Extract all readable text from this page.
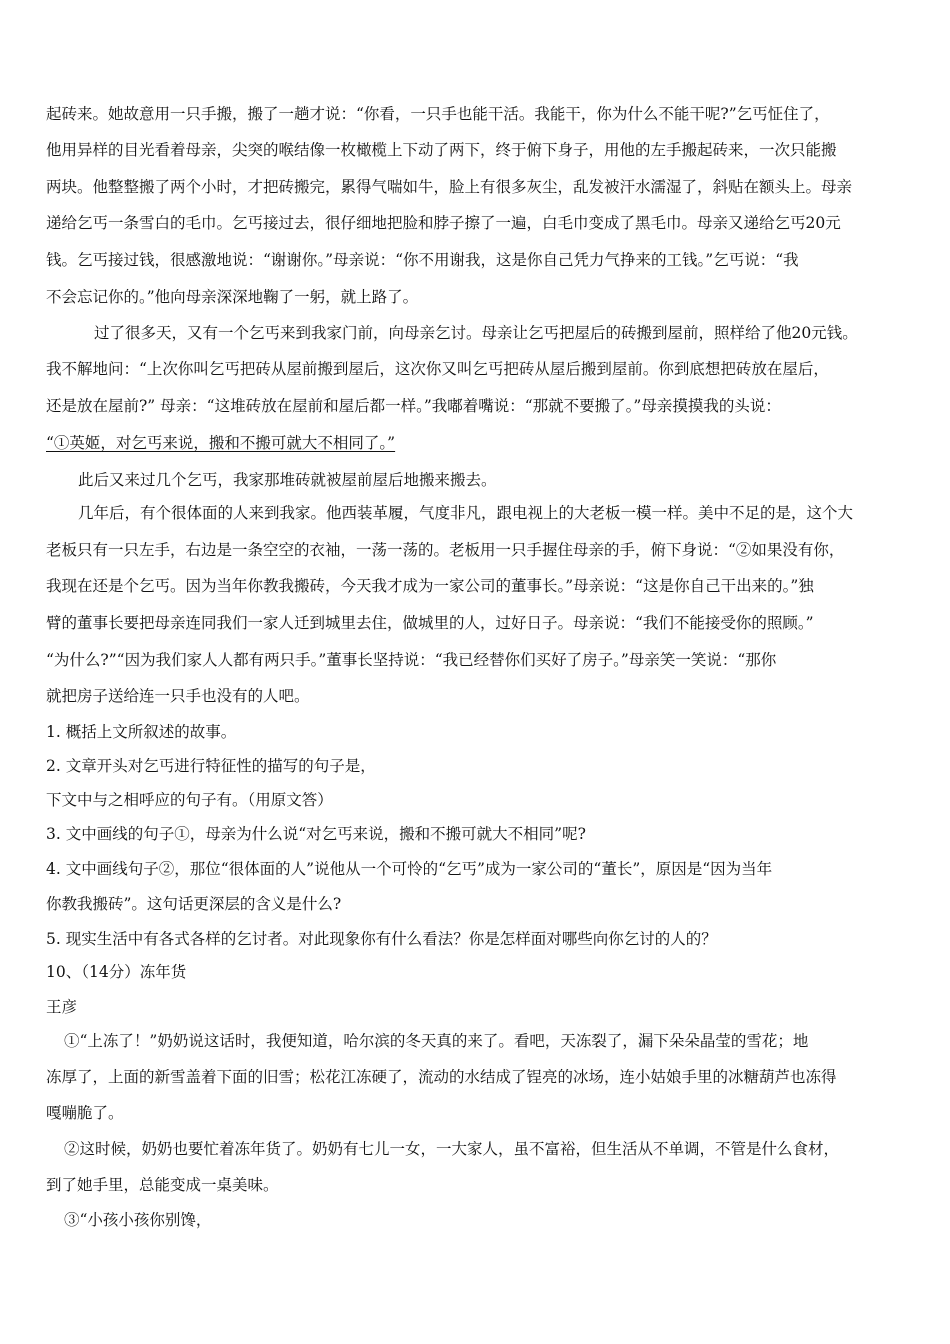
起砖来。她故意用一只手搬，搬了一趟才说：“你看，一只手也能干活。我能干，你为什么不能干呢?”乞丐怔住了，
他用异样的目光看着母亲，尖突的喉结像一枚橄榄上下动了两下，终于俯下身子，用他的左手搬起砖来，一次只能搬
两块。他整整搬了两个小时，才把砖搬完，累得气喘如牛，脸上有很多灰尘，乱发被汗水濡湿了，斜贴在额头上。母亲
递给乞丐一条雪白的毛巾。乞丐接过去，很仔细地把脸和脖子擦了一遍，白毛巾变成了黑毛巾。母亲又递给乞丐20元
钱。乞丐接过钱，很感激地说：“谢谢你。”母亲说：“你不用谢我，这是你自己凭力气挣来的工钱。”乞丐说：“我
不会忘记你的。”他向母亲深深地鞠了一躬，就上路了。
过了很多天，又有一个乞丐来到我家门前，向母亲乞讨。母亲让乞丐把屋后的砖搬到屋前，照样给了他20元钱。
我不解地问：“上次你叫乞丐把砖从屋前搬到屋后，这次你又叫乞丐把砖从屋后搬到屋前。你到底想把砖放在屋后，
还是放在屋前?” 母亲：“这堆砖放在屋前和屋后都一样。”我嘟着嘴说：“那就不要搬了。”母亲摸摸我的头说：
“①英姬，对乞丐来说，搬和不搬可就大不相同了。”
此后又来过几个乞丐，我家那堆砖就被屋前屋后地搬来搬去。
几年后，有个很体面的人来到我家。他西装革履，气度非凡，跟电视上的大老板一模一样。美中不足的是，这个大
老板只有一只左手，右边是一条空空的衣袖，一荡一荡的。老板用一只手握住母亲的手，俯下身说：“②如果没有你，
我现在还是个乞丐。因为当年你教我搬砖，今天我才成为一家公司的董事长。”母亲说：“这是你自己干出来的。”独
臂的董事长要把母亲连同我们一家人迁到城里去住，做城里的人，过好日子。母亲说：“我们不能接受你的照顾。”
“为什么?”“因为我们家人人都有两只手。”董事长坚持说：“我已经替你们买好了房子。”母亲笑一笑说：“那你
就把房子送给连一只手也没有的人吧。
1. 概括上文所叙述的故事。
2. 文章开头对乞丐进行特征性的描写的句子是，
下文中与之相呼应的句子有。（用原文答）
3. 文中画线的句子①，母亲为什么说“对乞丐来说，搬和不搬可就大不相同”呢?
4. 文中画线句子②，那位“很体面的人”说他从一个可怜的“乞丐”成为一家公司的“董长”，原因是“因为当年
你教我搬砖”。这句话更深层的含义是什么?
5. 现实生活中有各式各样的乞讨者。对此现象你有什么看法？你是怎样面对哪些向你乞讨的人的？
10、（14分）冻年货
王彦
①“上冻了！”奶奶说这话时，我便知道，哈尔滨的冬天真的来了。看吧，天冻裂了，漏下朵朵晶莹的雪花；地
冻厚了，上面的新雪盖着下面的旧雪；松花江冻硬了，流动的水结成了锃亮的冰场，连小姑娘手里的冰糖葫芦也冻得
嘎嘣脆了。
②这时候，奶奶也要忙着冻年货了。奶奶有七儿一女，一大家人，虽不富裕，但生活从不单调，不管是什么食材，
到了她手里，总能变成一桌美味。
③“小孩小孩你别馋，
